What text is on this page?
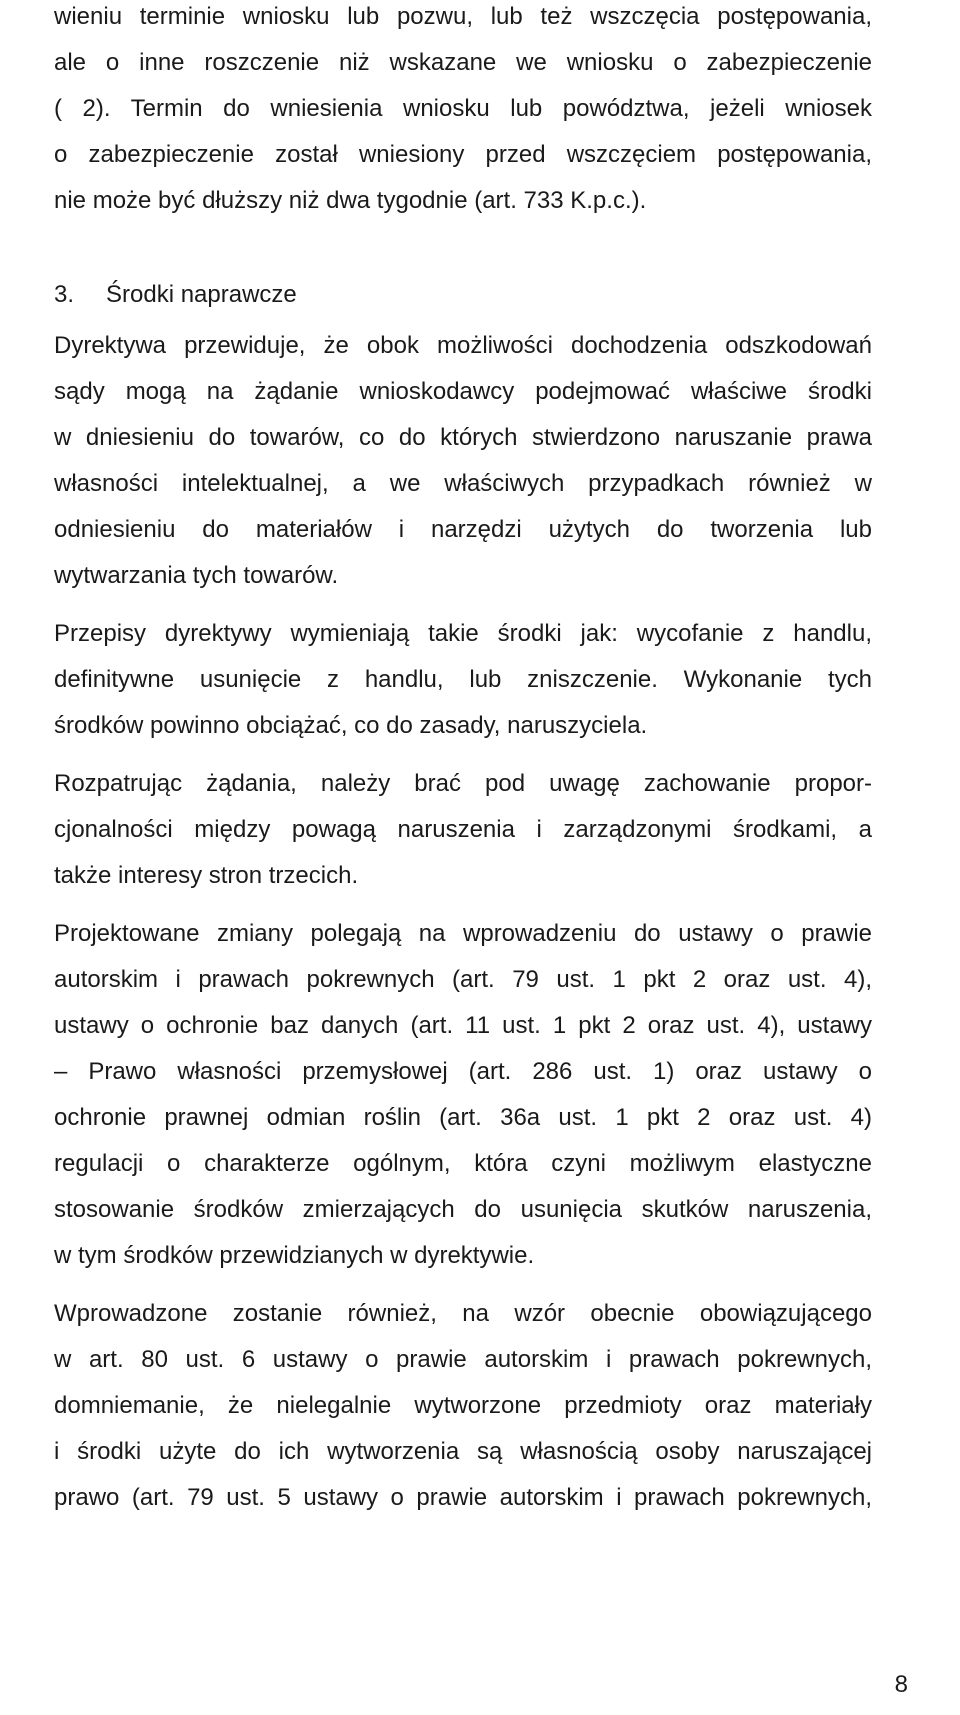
wieniu terminie wniosku lub pozwu, lub też wszczęcia postępowania,
ale o inne roszczenie niż wskazane we wniosku o zabezpieczenie
( 2). Termin do wniesienia wniosku lub powództwa, jeżeli wniosek
o zabezpieczenie został wniesiony przed wszczęciem postępowania,
nie może być dłuższy niż dwa tygodnie (art. 733 K.p.c.).
3. Środki naprawcze
Dyrektywa przewiduje, że obok możliwości dochodzenia odszkodowań
sądy mogą na żądanie wnioskodawcy podejmować właściwe środki
w dniesieniu do towarów, co do których stwierdzono naruszanie prawa
własności intelektualnej, a we właściwych przypadkach również w
odniesieniu do materiałów i narzędzi użytych do tworzenia lub
wytwarzania tych towarów.
Przepisy dyrektywy wymieniają takie środki jak: wycofanie z handlu,
definitywne usunięcie z handlu, lub zniszczenie. Wykonanie tych
środków powinno obciążać, co do zasady, naruszyciela.
Rozpatrując żądania, należy brać pod uwagę zachowanie propor-
cjonalności między powagą naruszenia i zarządzonymi środkami, a
także interesy stron trzecich.
Projektowane zmiany polegają na wprowadzeniu do ustawy o prawie
autorskim i prawach pokrewnych (art. 79 ust. 1 pkt 2 oraz ust. 4),
ustawy o ochronie baz danych (art. 11 ust. 1 pkt 2 oraz ust. 4), ustawy
– Prawo własności przemysłowej (art. 286 ust. 1) oraz ustawy o
ochronie prawnej odmian roślin (art. 36a ust. 1 pkt 2 oraz ust. 4)
regulacji o charakterze ogólnym, która czyni możliwym elastyczne
stosowanie środków zmierzających do usunięcia skutków naruszenia,
w tym środków przewidzianych w dyrektywie.
Wprowadzone zostanie również, na wzór obecnie obowiązującego
w art. 80 ust. 6 ustawy o prawie autorskim i prawach pokrewnych,
domniemanie, że nielegalnie wytworzone przedmioty oraz materiały
i środki użyte do ich wytworzenia są własnością osoby naruszającej
prawo (art. 79 ust. 5 ustawy o prawie autorskim i prawach pokrewnych,
8
